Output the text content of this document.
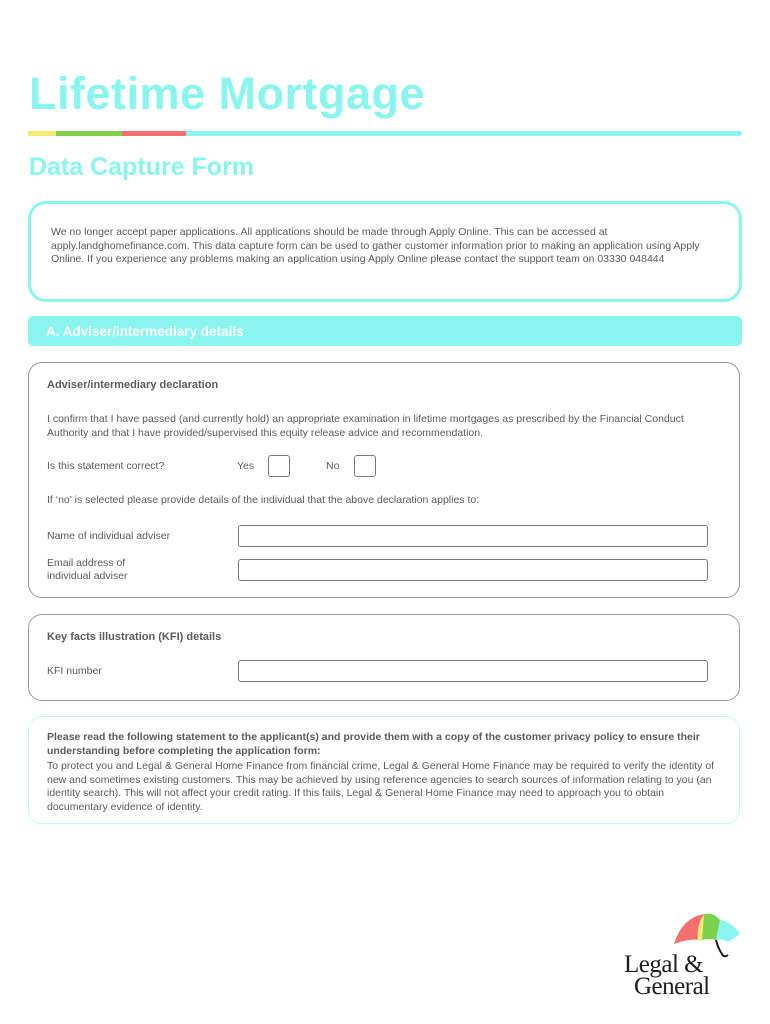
Lifetime Mortgage
Data Capture Form

We no longer accept paper applications. All applications should be made through Apply Online. This can be accessed at apply.landghomefinance.com. This data capture form can be used to gather customer information prior to making an application using Apply Online. If you experience any problems making an application using Apply Online please contact the support team on 03330 048444

A. Adviser/intermediary details
Adviser/intermediary declaration
I confirm that I have passed (and currently hold) an appropriate examination in lifetime mortgages as prescribed by the Financial Conduct Authority and that I have provided/supervised this equity release advice and recommendation.
Is this statement correct?	Yes	No
If ‘no’ is selected please provide details of the individual that the above declaration applies to:
Name of individual adviser
Email address of
individual adviser
Key facts illustration (KFI) details
KFI number
Please read the following statement to the applicant(s) and provide them with a copy of the customer privacy policy to ensure their understanding before completing the application form:
To protect you and Legal & General Home Finance from financial crime, Legal & General Home Finance may be required to verify the identity of new and sometimes existing customers. This may be achieved by using reference agencies to search sources of information relating to you (an identity search). This will not affect your credit rating. If this fails, Legal & General Home Finance may need to approach you to obtain documentary evidence of identity.
Legal &
General
